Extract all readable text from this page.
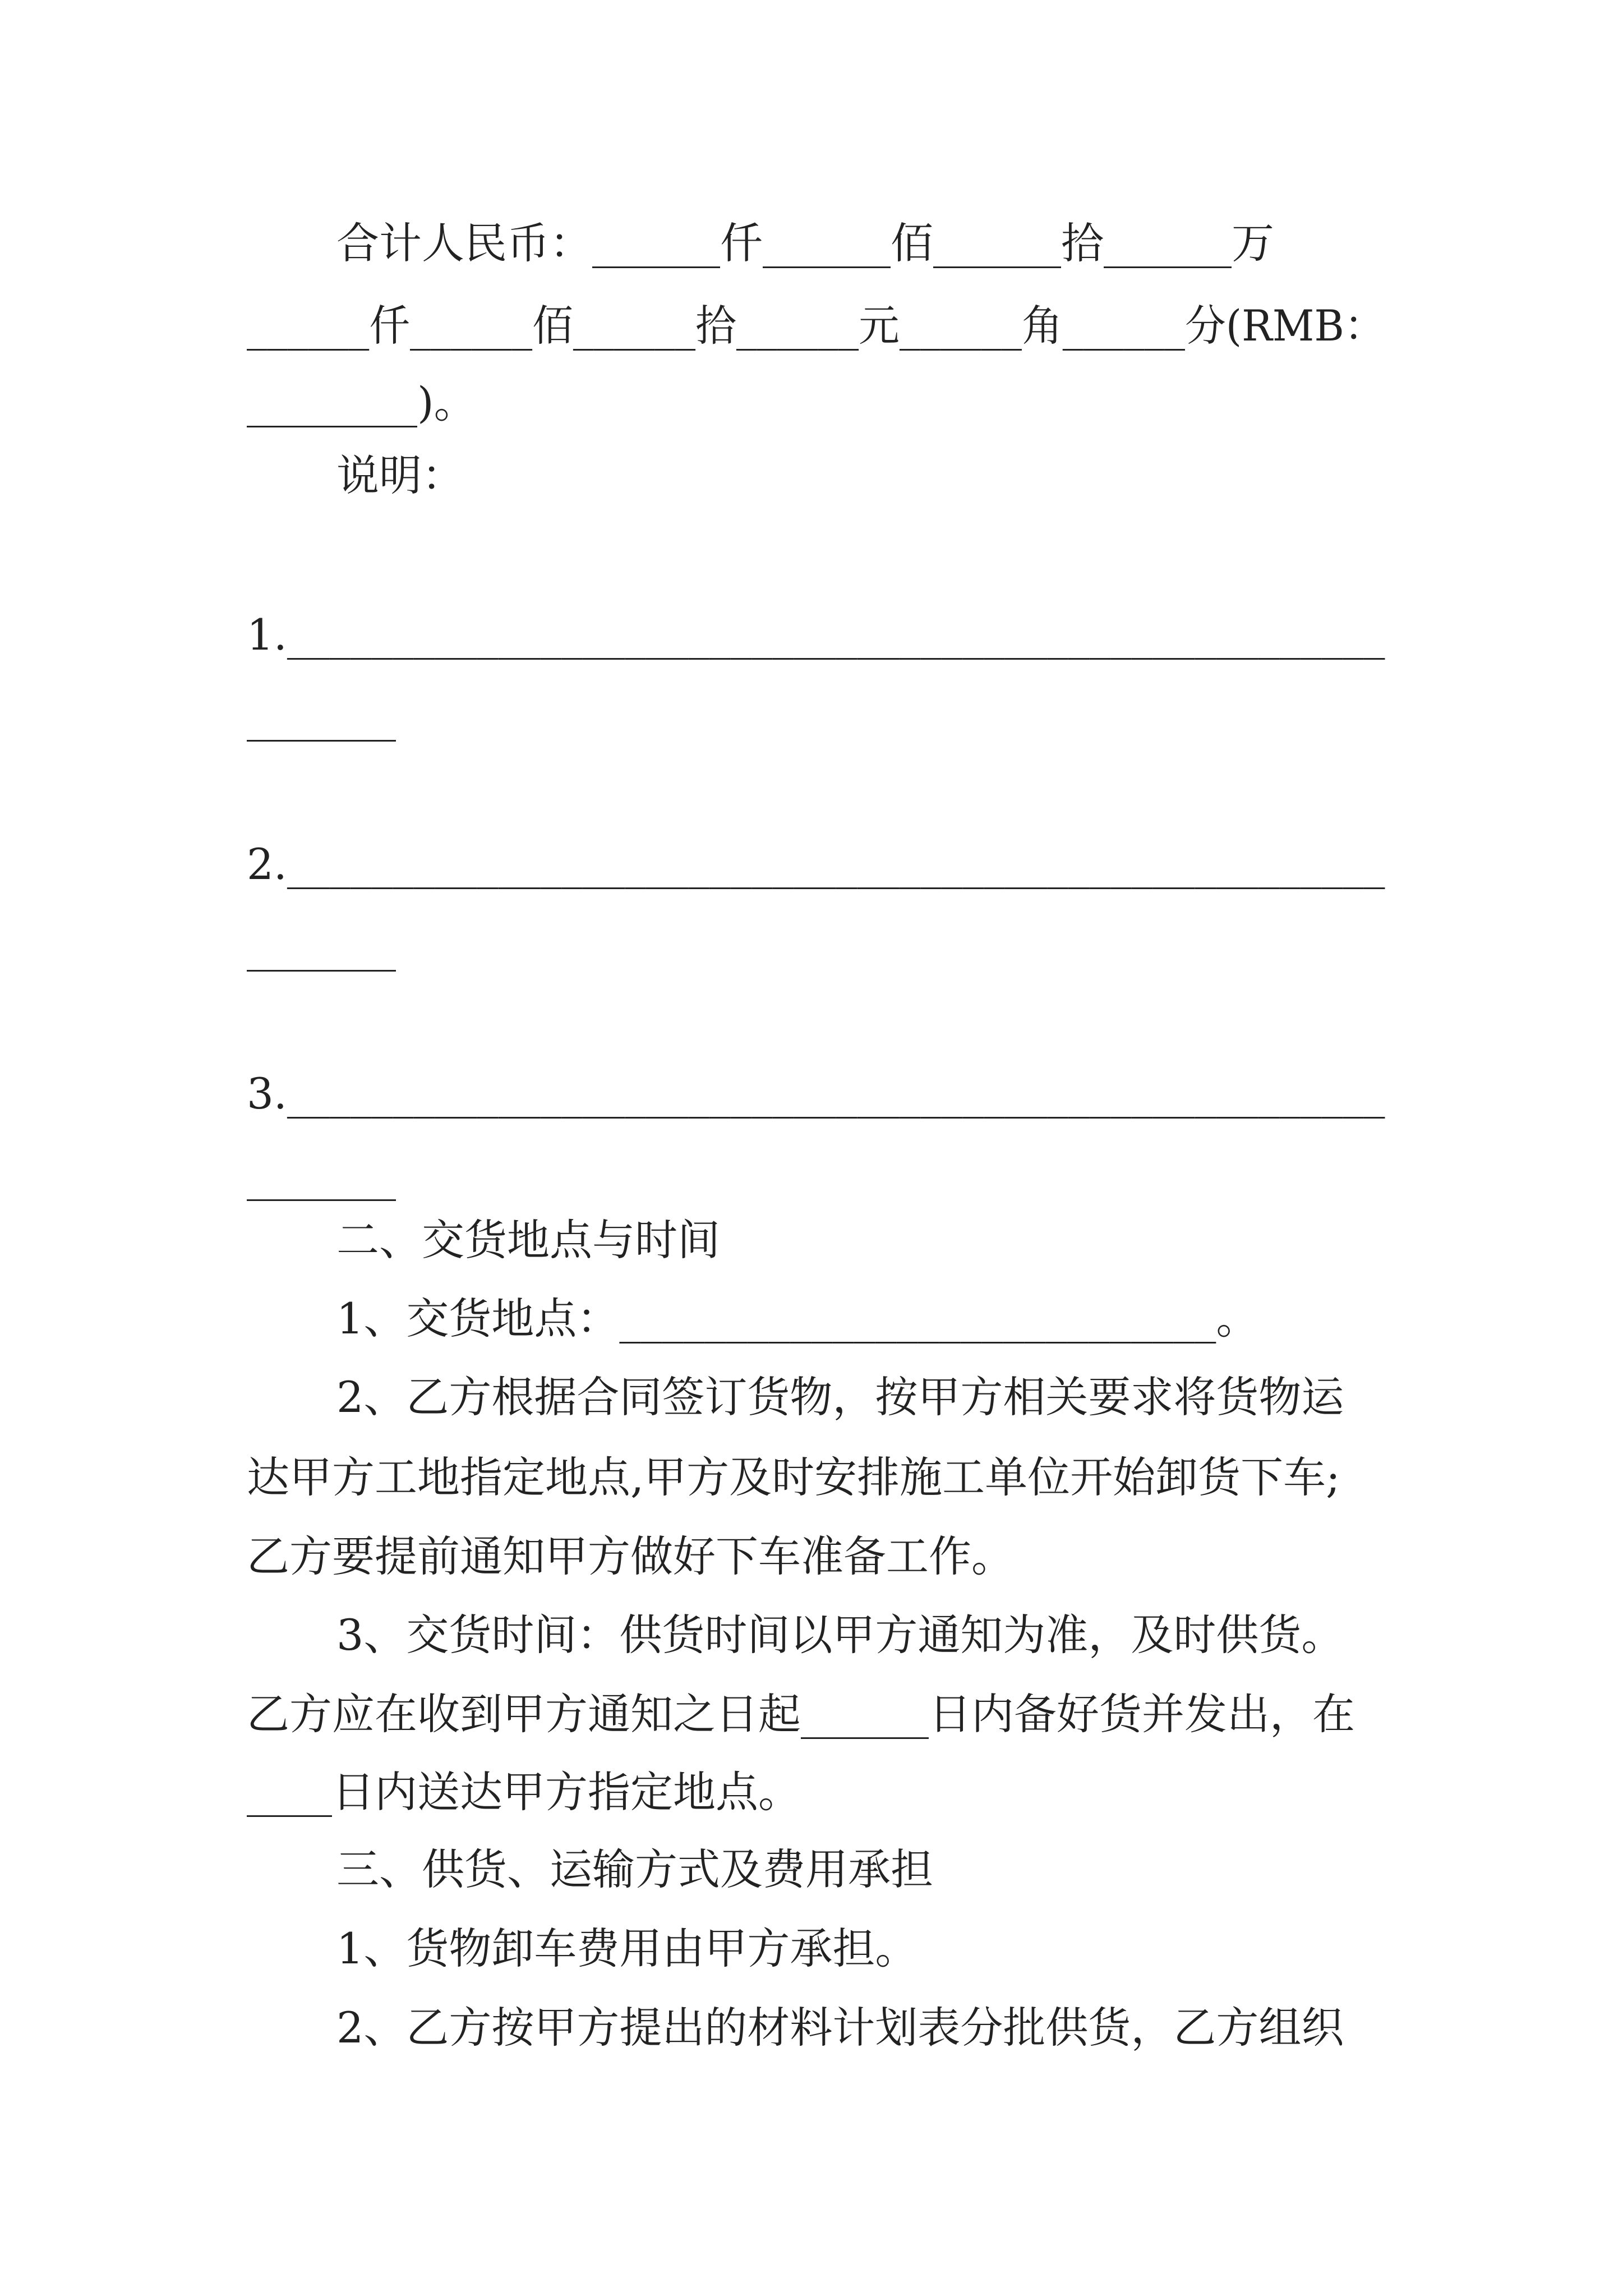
合计人民币：______仟______佰______拾______万
______仟______佰______拾______元______角______分(RMB：
________)。
说明：
1.____________________________________________________
_______
2.____________________________________________________
_______
3.____________________________________________________
_______
二、交货地点与时间
1、交货地点：____________________________。
2、乙方根据合同签订货物，按甲方相关要求将货物运
达甲方工地指定地点,甲方及时安排施工单位开始卸货下车;
乙方要提前通知甲方做好下车准备工作。
3、交货时间：供货时间以甲方通知为准，及时供货。
乙方应在收到甲方通知之日起______日内备好货并发出，在
____日内送达甲方指定地点。
三、供货、运输方式及费用承担
1、货物卸车费用由甲方承担。
2、乙方按甲方提出的材料计划表分批供货，乙方组织
